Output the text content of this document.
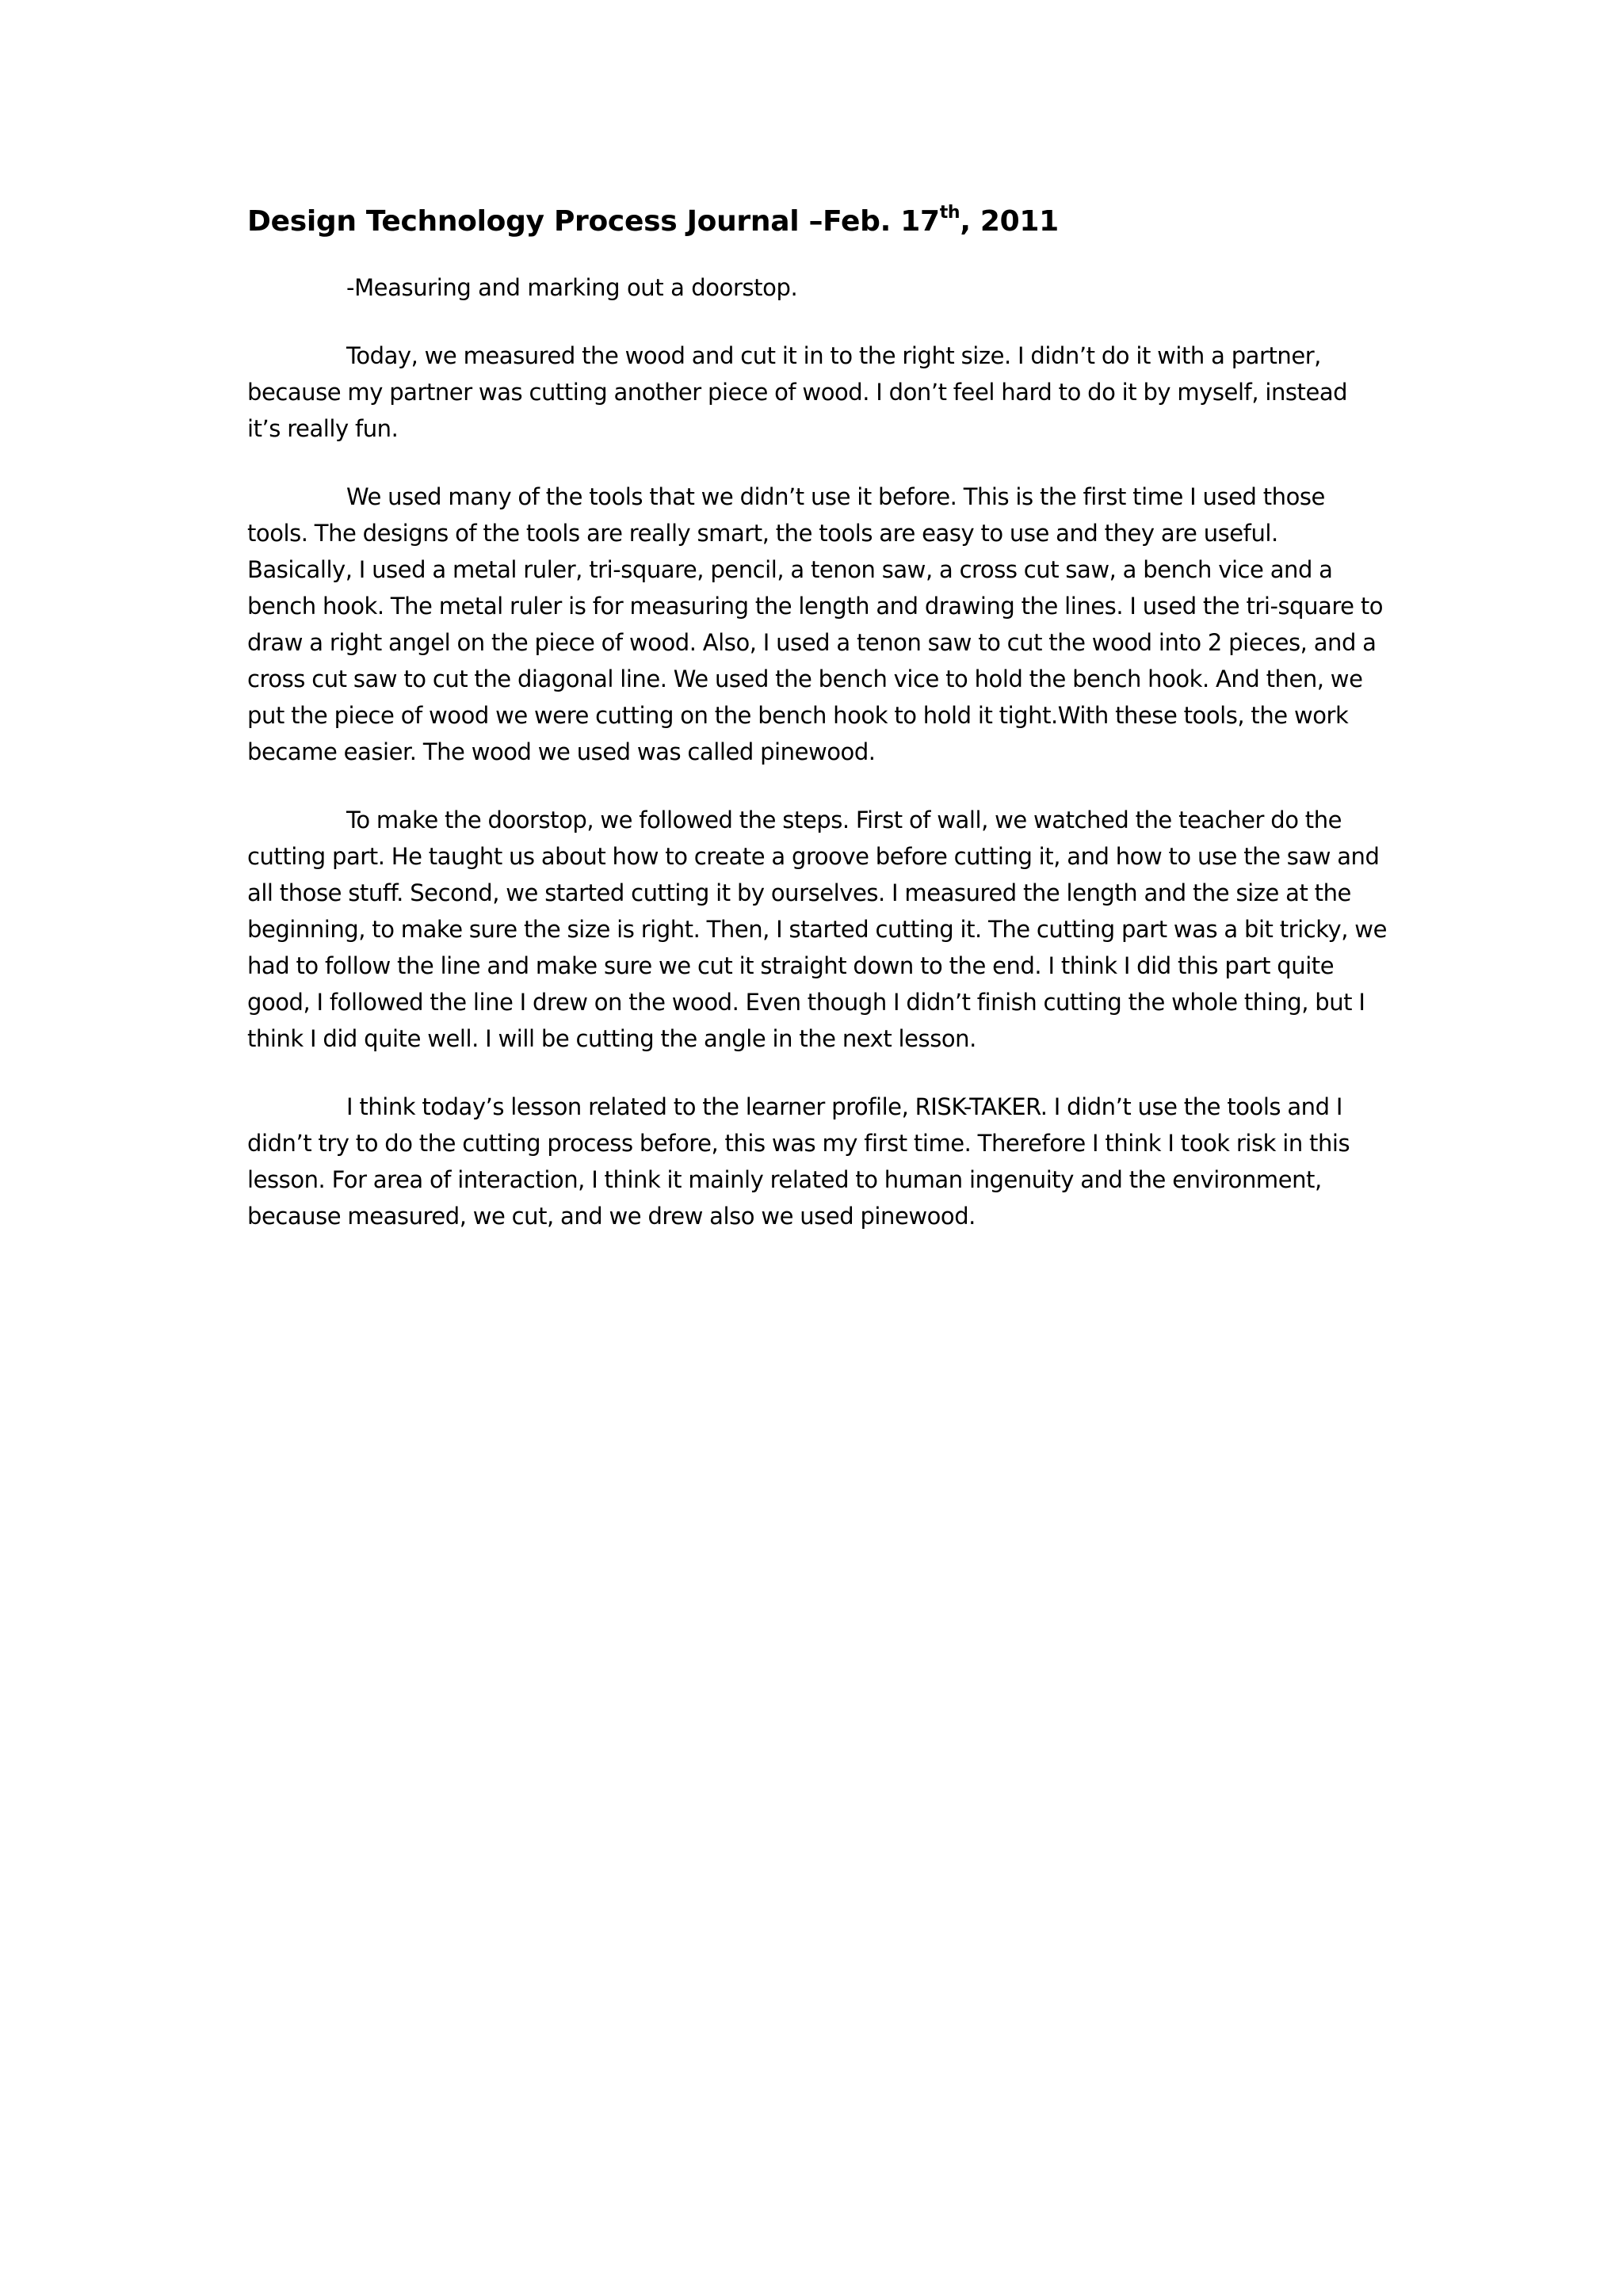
Design Technology Process Journal –Feb. 17th, 2011

-Measuring and marking out a doorstop.

Today, we measured the wood and cut it in to the right size. I didn’t do it with a partner, because my partner was cutting another piece of wood. I don’t feel hard to do it by myself, instead it’s really fun.

We used many of the tools that we didn’t use it before. This is the first time I used those tools. The designs of the tools are really smart, the tools are easy to use and they are useful. Basically, I used a metal ruler, tri-square, pencil, a tenon saw, a cross cut saw, a bench vice and a bench hook. The metal ruler is for measuring the length and drawing the lines. I used the tri-square to draw a right angel on the piece of wood. Also, I used a tenon saw to cut the wood into 2 pieces, and a cross cut saw to cut the diagonal line. We used the bench vice to hold the bench hook. And then, we put the piece of wood we were cutting on the bench hook to hold it tight.With these tools, the work became easier. The wood we used was called pinewood.

To make the doorstop, we followed the steps. First of wall, we watched the teacher do the cutting part. He taught us about how to create a groove before cutting it, and how to use the saw and all those stuff. Second, we started cutting it by ourselves. I measured the length and the size at the beginning, to make sure the size is right. Then, I started cutting it. The cutting part was a bit tricky, we had to follow the line and make sure we cut it straight down to the end. I think I did this part quite good, I followed the line I drew on the wood. Even though I didn’t finish cutting the whole thing, but I think I did quite well. I will be cutting the angle in the next lesson.

I think today’s lesson related to the learner profile, RISK-TAKER. I didn’t use the tools and I didn’t try to do the cutting process before, this was my first time. Therefore I think I took risk in this lesson. For area of interaction, I think it mainly related to human ingenuity and the environment, because measured, we cut, and we drew also we used pinewood.
